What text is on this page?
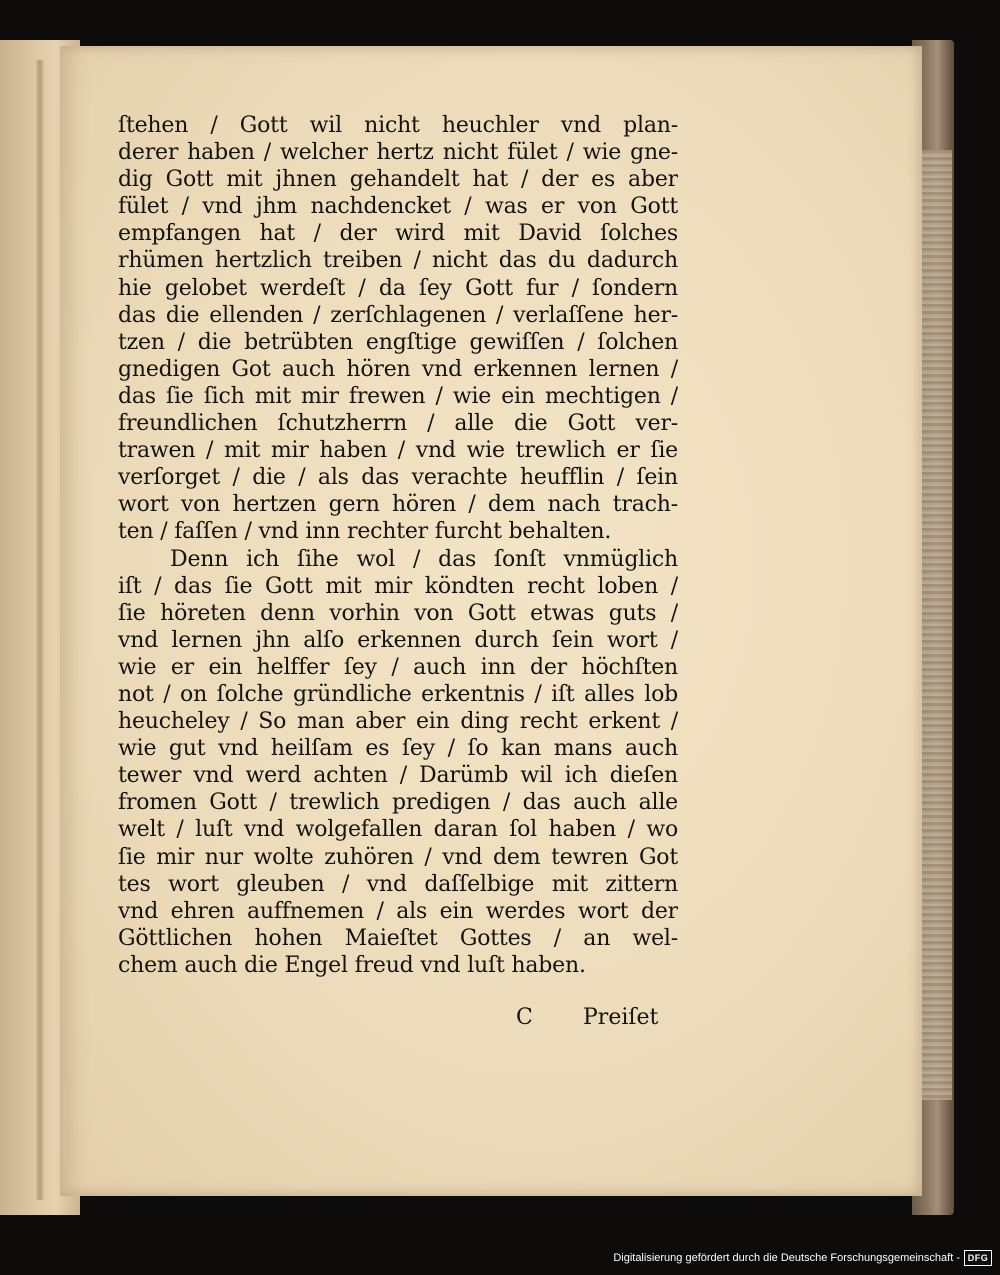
ſtehen / Gott wil nicht heuchler vnd plan-
derer haben / welcher hertz nicht fület / wie gne-
dig Gott mit jhnen gehandelt hat / der es aber
fület / vnd jhm nachdencket / was er von Gott
empfangen hat / der wird mit David ſolches
rhümen hertzlich treiben / nicht das du dadurch
hie gelobet werdeſt / da ſey Gott fur / ſondern
das die ellenden / zerſchlagenen / verlaſſene her-
tzen / die betrübten engſtige gewiſſen / ſolchen
gnedigen Got auch hören vnd erkennen lernen /
das ſie ſich mit mir frewen / wie ein mechtigen /
freundlichen ſchutzherrn / alle die Gott ver-
trawen / mit mir haben / vnd wie trewlich er ſie
verſorget / die / als das verachte heufflin / ſein
wort von hertzen gern hören / dem nach trach-
ten / faſſen / vnd inn rechter furcht behalten.
Denn ich ſihe wol / das ſonſt vnmüglich
iſt / das ſie Gott mit mir köndten recht loben /
ſie höreten denn vorhin von Gott etwas guts /
vnd lernen jhn alſo erkennen durch ſein wort /
wie er ein helffer ſey / auch inn der höchſten
not / on ſolche gründliche erkentnis / iſt alles lob
heucheley / So man aber ein ding recht erkent /
wie gut vnd heilſam es ſey / ſo kan mans auch
tewer vnd werd achten / Darümb wil ich dieſen
fromen Gott / trewlich predigen / das auch alle
welt / luſt vnd wolgefallen daran ſol haben / wo
ſie mir nur wolte zuhören / vnd dem tewren Got
tes wort gleuben / vnd daſſelbige mit zittern
vnd ehren auffnemen / als ein werdes wort der
Göttlichen hohen Maieſtet Gottes / an wel-
chem auch die Engel freud vnd luſt haben.
C Preiſet
Digitalisierung gefördert durch die Deutsche Forschungsgemeinschaft - DFG
